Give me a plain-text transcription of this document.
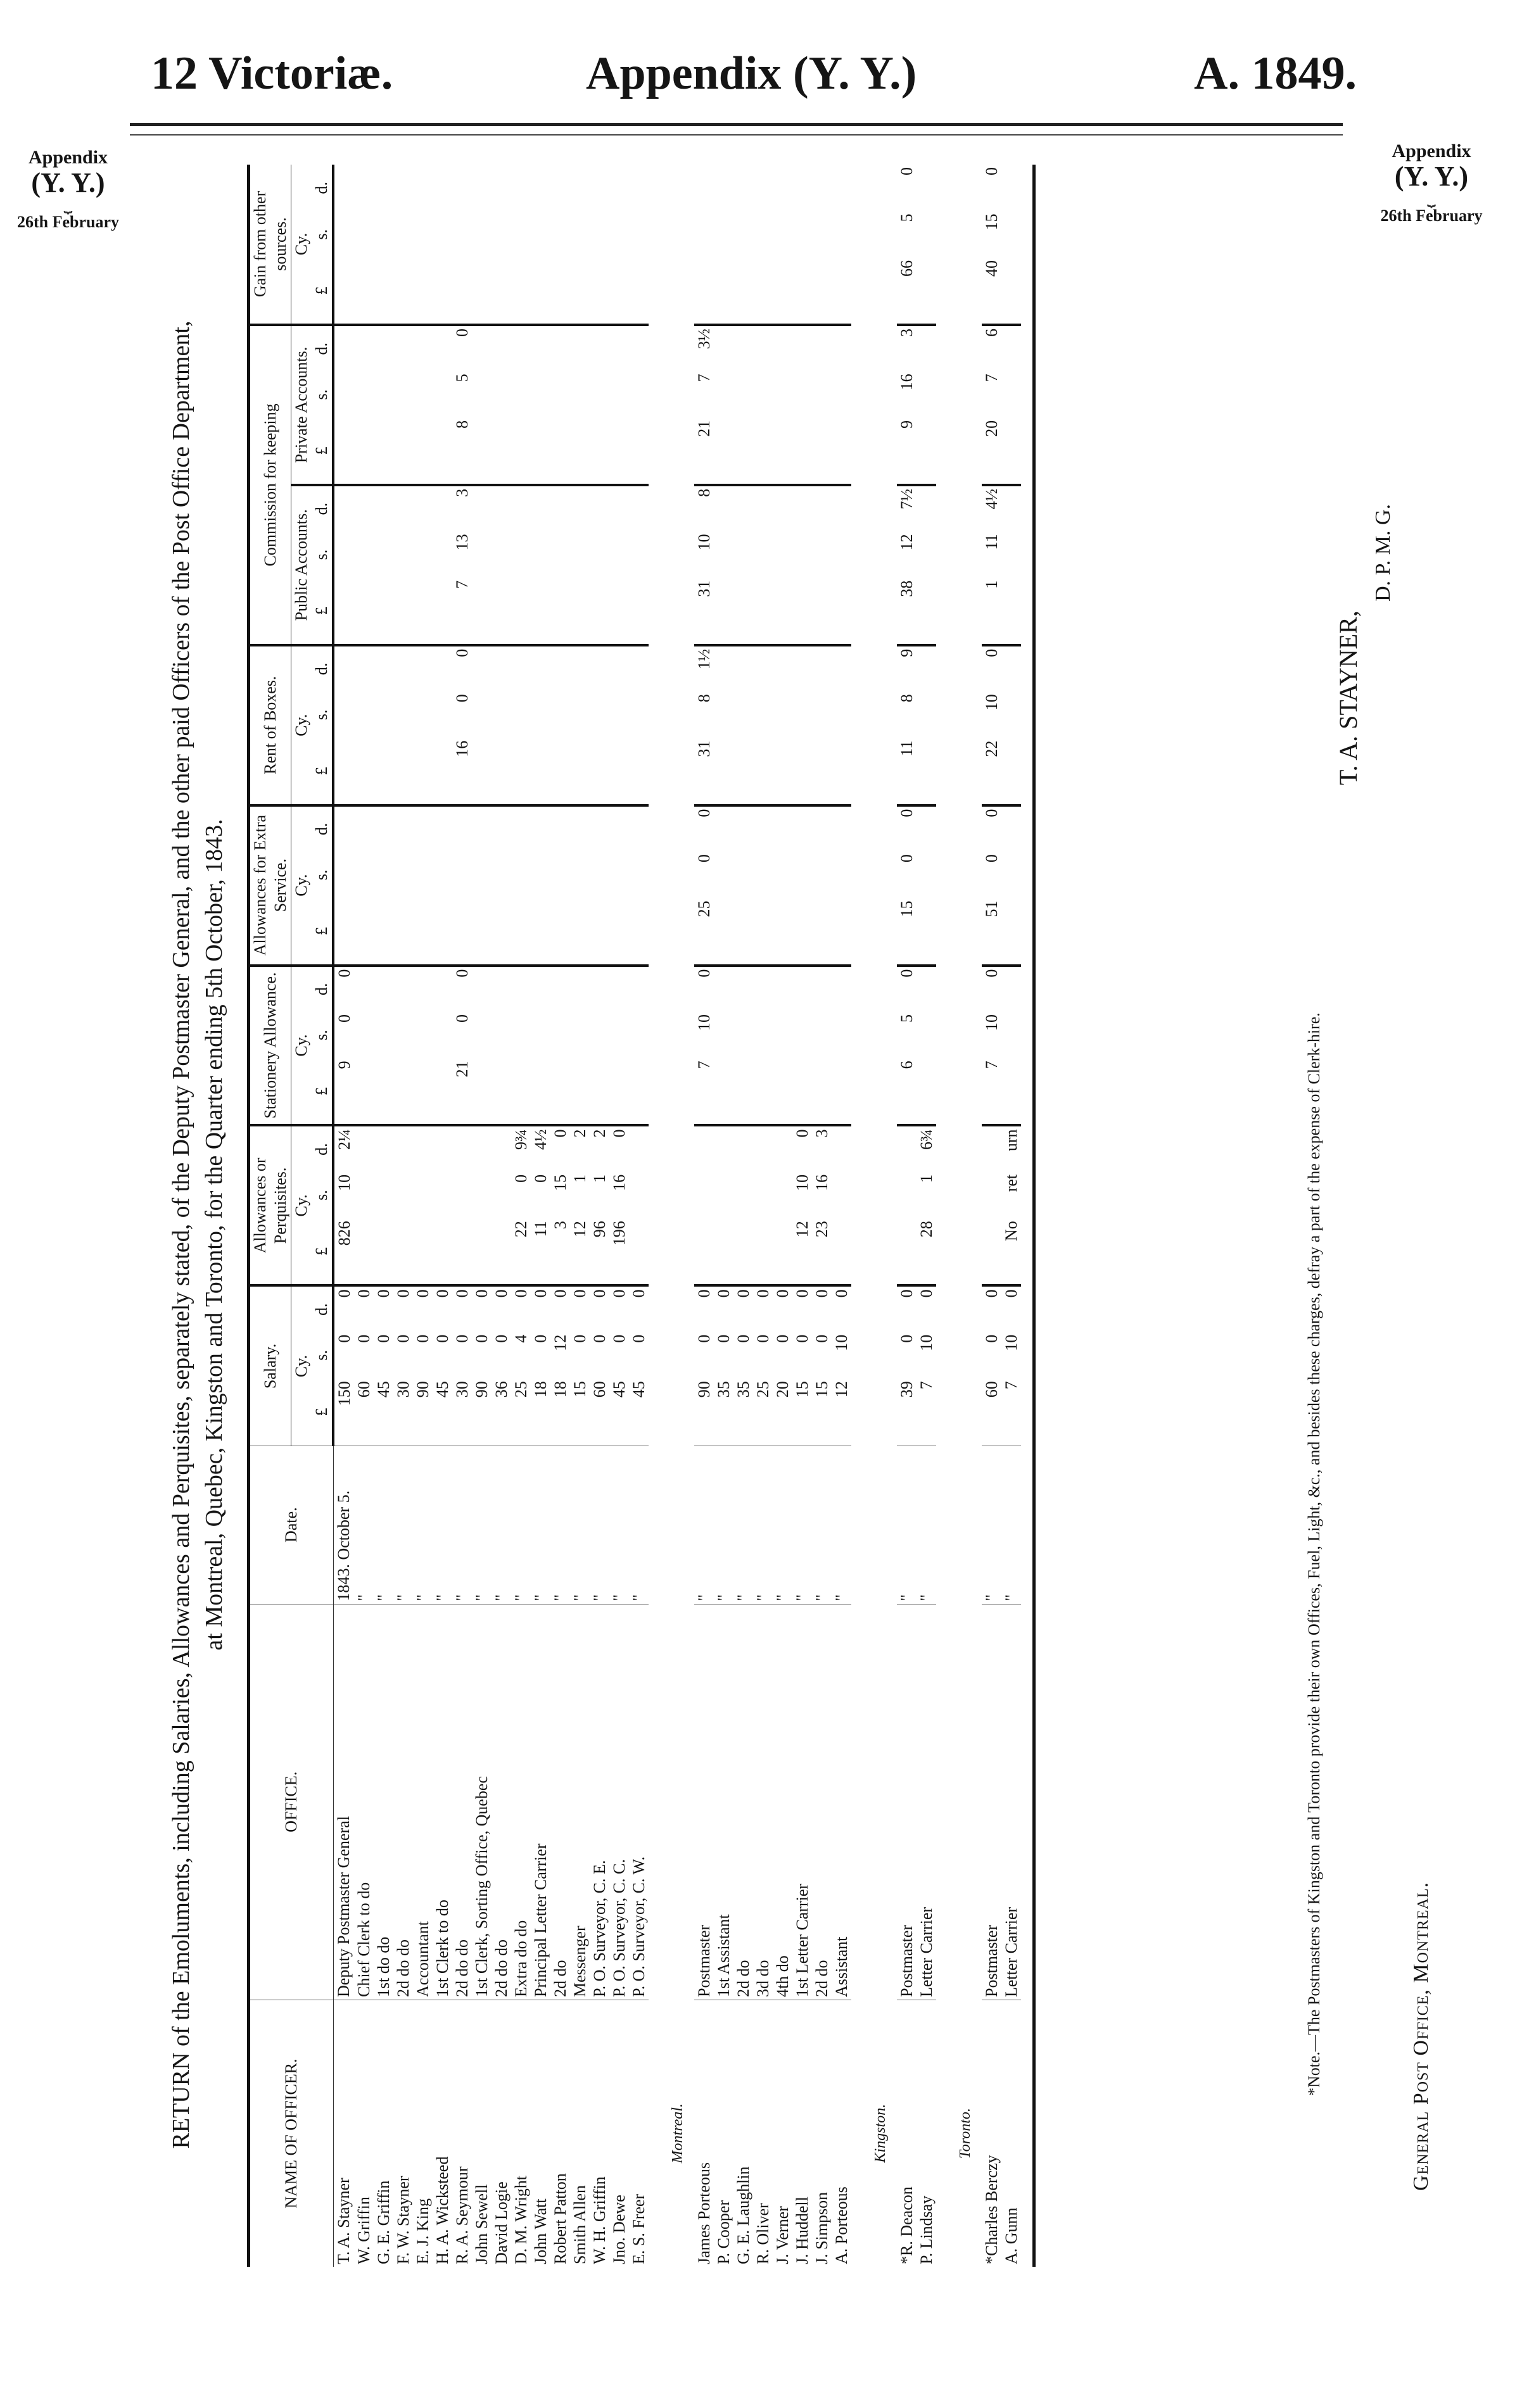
12 Victoriæ.	Appendix (Y. Y.)	A. 1849.
Appendix
(Y. Y.)
⏟
26th February
Appendix
(Y. Y.)
⏟
26th February
RETURN of the Emoluments, including Salaries, Allowances and Perquisites, separately stated, of the Deputy Postmaster General, and the other paid Officers of the Post Office Department, at Montreal, Quebec, Kingston and Toronto, for the Quarter ending 5th October, 1843.
NAME OF OFFICER.	OFFICE.	Date.	Salary.			Allowances or Perquisites.			Stationery Allowance.			Allowances for Extra Service.			Rent of Boxes.			Commission for keeping						Gain from other sources.		
			Cy.			Cy.			Cy.			Cy.			Cy.			Public Accounts.			Private Accounts.			Cy.		
			£	s.	d.	£	s.	d.	£	s.	d.	£	s.	d.	£	s.	d.	£	s.	d.	£	s.	d.	£	s.	d.
T. A. Stayner	Deputy Postmaster General	1843. October 5.	150	0	0	826	10	2¼	9	0	0															
W. Griffin	Chief Clerk to do	"	60	0	0																					
G. E. Griffin	1st do do	"	45	0	0																					
F. W. Stayner	2d do do	"	30	0	0																					
E. J. King	Accountant	"	90	0	0																					
H. A. Wicksteed	1st Clerk to do	"	45	0	0																					
R. A. Seymour	2d do do	"	30	0	0				21	0	0				16	0	0	7	13	3	8	5	0			
John Sewell	1st Clerk, Sorting Office, Quebec	"	90	0	0																					
David Logie	2d do do	"	36	0	0																					
D. M. Wright	Extra do do	"	25	4	0	22	0	9¾																		
John Watt	Principal Letter Carrier	"	18	0	0	11	0	4½																		
Robert Patton	2d do	"	18	12	0	3	15	0																		
Smith Allen	Messenger	"	15	0	0	12	1	2																		
W. H. Griffin	P. O. Surveyor, C. E.	"	60	0	0	96	1	2																		
Jno. Dewe	P. O. Surveyor, C. C.	"	45	0	0	196	16	0																		
E. S. Freer	P. O. Surveyor, C. W.	"	45	0	0																					

Montreal.																										
James Porteous	Postmaster	"	90	0	0				7	10	0	25	0	0	31	8	1½	31	10	8	21	7	3½			
P. Cooper	1st Assistant	"	35	0	0																					
G. E. Laughlin	2d do	"	35	0	0																					
R. Oliver	3d do	"	25	0	0																					
J. Verner	4th do	"	20	0	0																					
J. Huddell	1st Letter Carrier	"	15	0	0	12	10	0																		
J. Simpson	2d do	"	15	0	0	23	16	3																		
A. Porteous	Assistant	"	12	10	0																					

Kingston.																										
*R. Deacon	Postmaster	"	39	0	0				6	5	0	15	0	0	11	8	9	38	12	7½	9	16	3	66	5	0
P. Lindsay	Letter Carrier	"	7	10	0	28	1	6¾																		

Toronto.																										
*Charles Berczy	Postmaster	"	60	0	0				7	10	0	51	0	0	22	10	0	1	11	4½	20	7	6	40	15	0
A. Gunn	Letter Carrier	"	7	10	0	No	ret	urn																			*Note.—The Postmasters of Kingston and Toronto provide their own Offices, Fuel, Light, &c., and besides these charges, defray a part of the expense of Clerk-hire.
T. A. STAYNER,
D. P. M. G.
General Post Office, Montreal.
